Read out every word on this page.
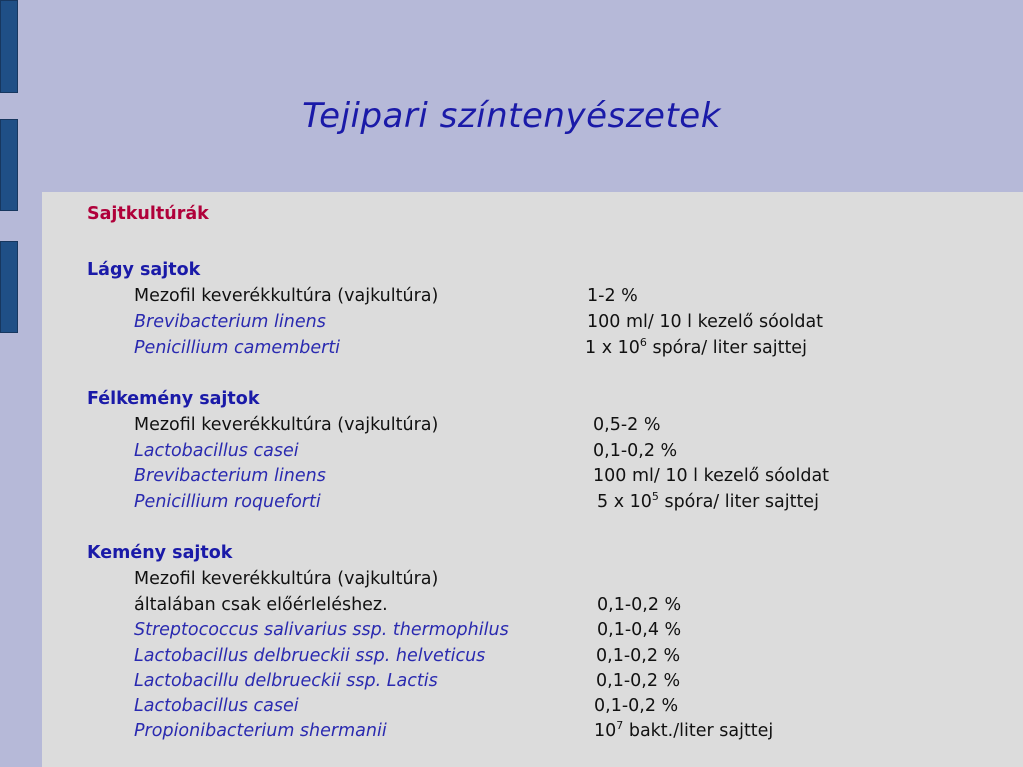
Tejipari színtenyészetek
Sajtkultúrák
Lágy sajtok
Mezofil keverékkultúra (vajkultúra)	1-2 %
Brevibacterium linens	100 ml/ 10 l kezelő sóoldat
Penicillium camemberti	1 x $10^6$ spóra/ liter sajttej
Félkemény sajtok
Mezofil keverékkultúra (vajkultúra)	0,5-2 %
Lactobacillus casei	0,1-0,2 %
Brevibacterium linens	100 ml/ 10 l kezelő sóoldat
Penicillium roqueforti	5 x $10^5$ spóra/ liter sajttej
Kemény sajtok
Mezofil keverékkultúra (vajkultúra)
általában csak előérleléshez.	0,1-0,2 %
Streptococcus salivarius ssp. thermophilus	0,1-0,4 %
Lactobacillus delbrueckii ssp. helveticus	0,1-0,2 %
Lactobacillu delbrueckii ssp. Lactis	0,1-0,2 %
Lactobacillus casei	0,1-0,2 %
Propionibacterium shermanii	$10^7$ bakt./liter sajttej
